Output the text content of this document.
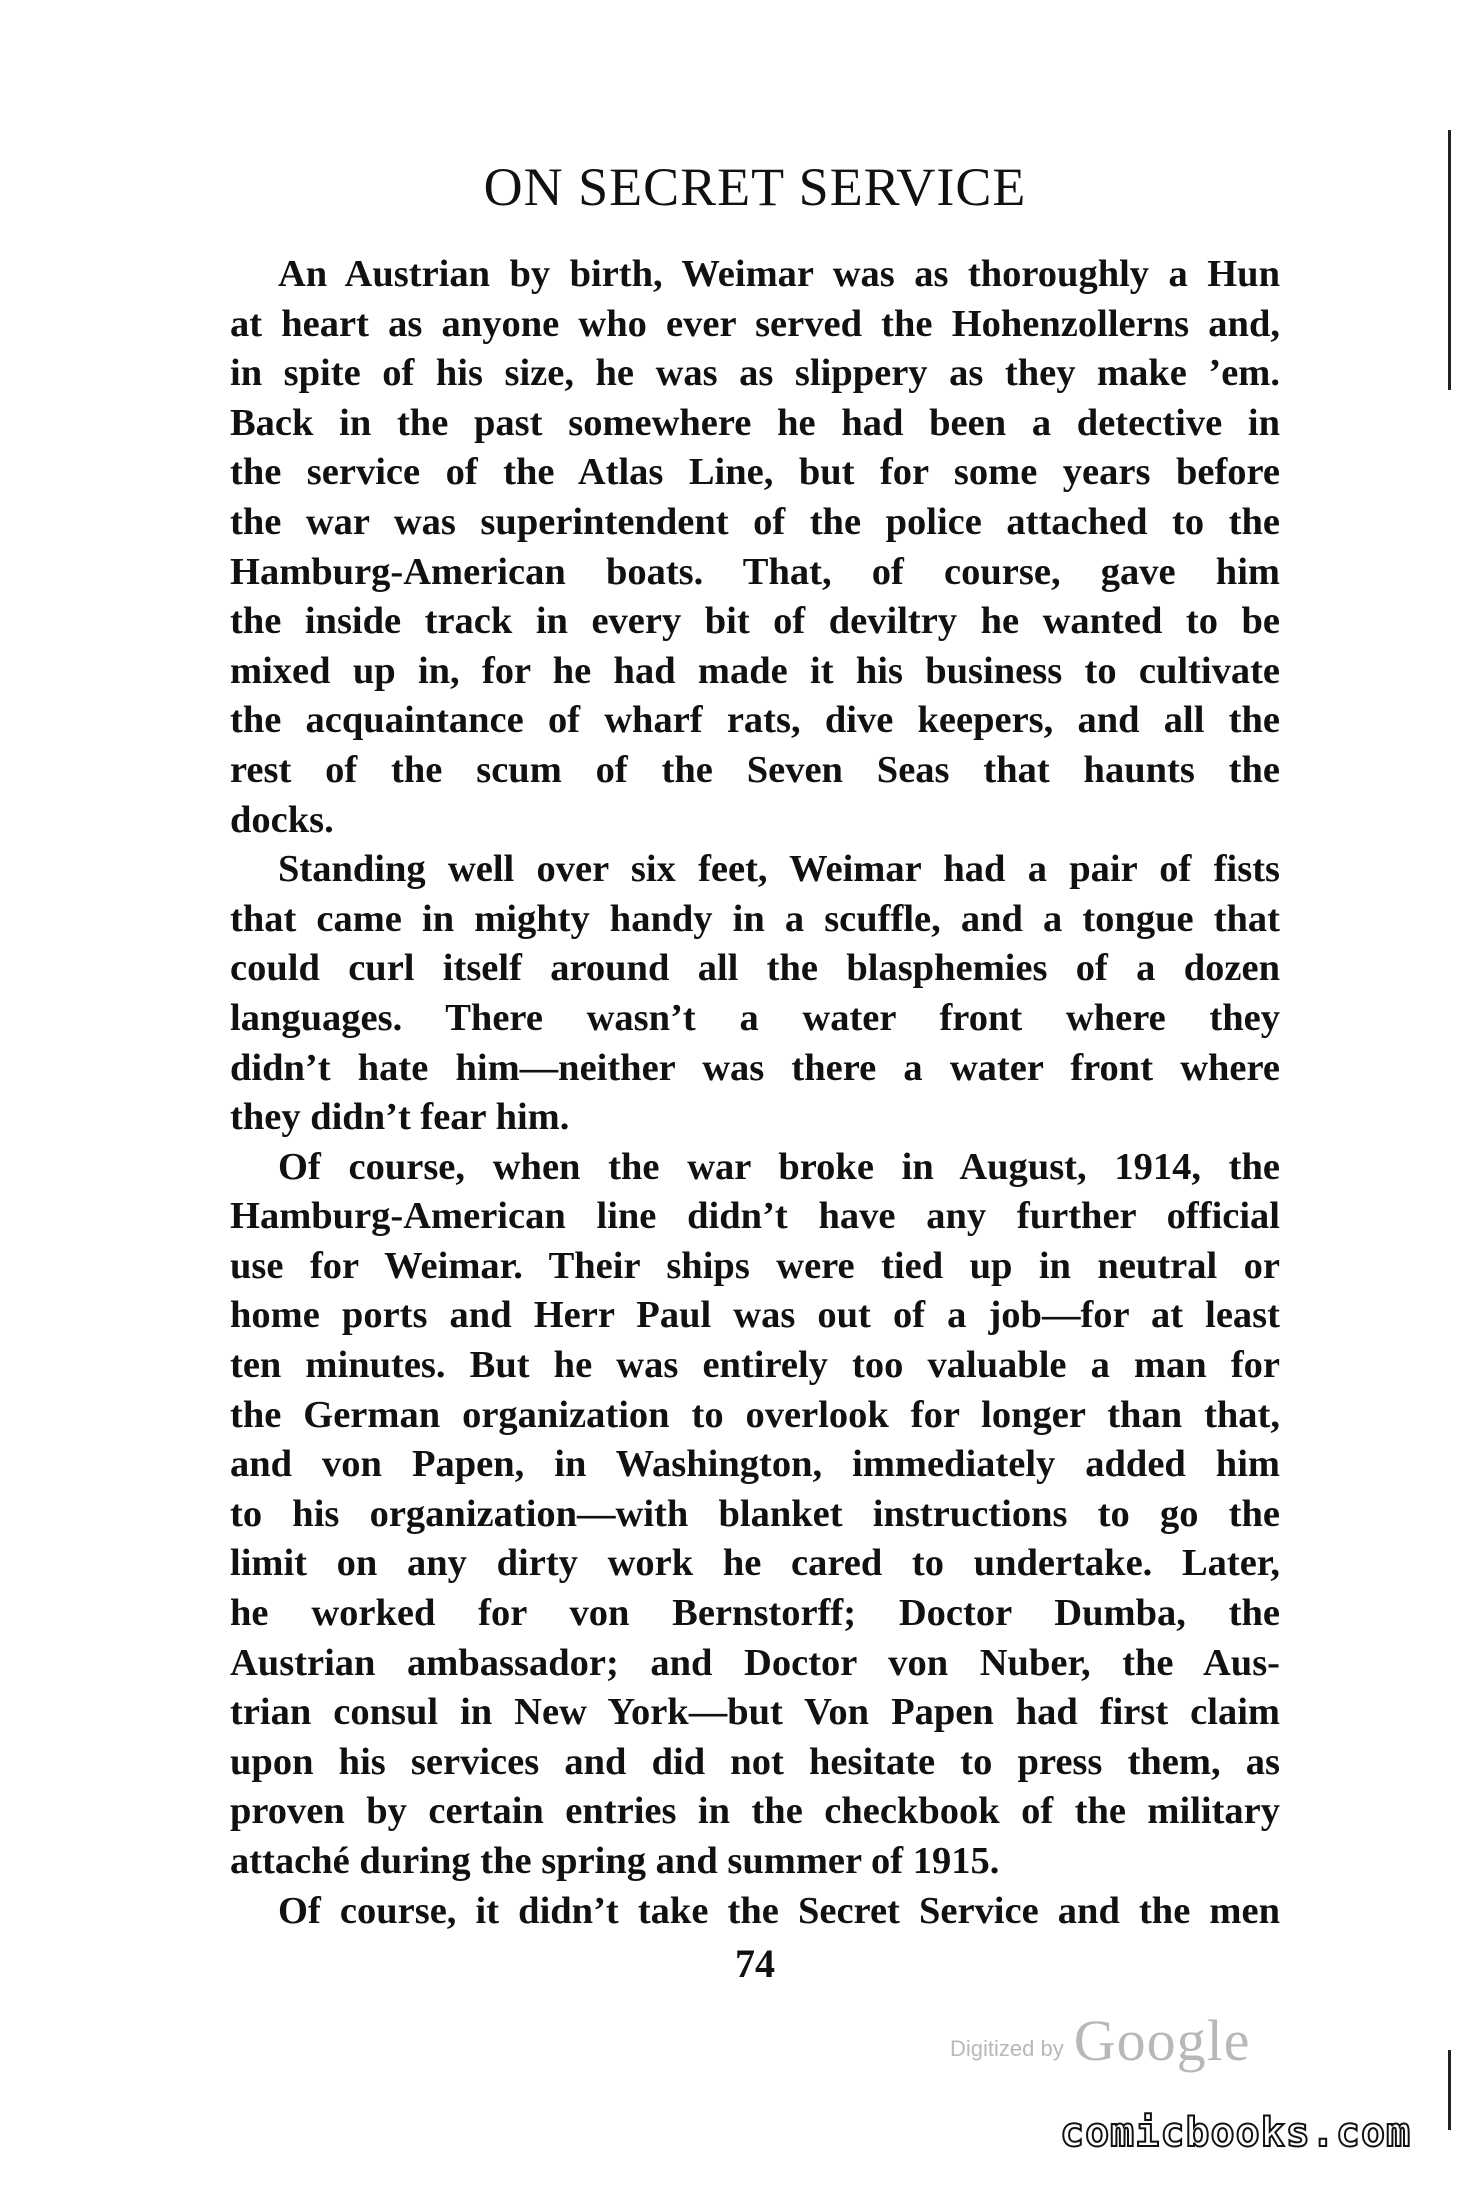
ON SECRET SERVICE

An Austrian by birth, Weimar was as thoroughly a Hun
at heart as anyone who ever served the Hohenzollerns and,
in spite of his size, he was as slippery as they make ’em.
Back in the past somewhere he had been a detective in
the service of the Atlas Line, but for some years before
the war was superintendent of the police attached to the
Hamburg-American boats. That, of course, gave him
the inside track in every bit of deviltry he wanted to be
mixed up in, for he had made it his business to cultivate
the acquaintance of wharf rats, dive keepers, and all the
rest of the scum of the Seven Seas that haunts the
docks.

Standing well over six feet, Weimar had a pair of fists
that came in mighty handy in a scuffle, and a tongue that
could curl itself around all the blasphemies of a dozen
languages. There wasn’t a water front where they
didn’t hate him—neither was there a water front where
they didn’t fear him.

Of course, when the war broke in August, 1914, the
Hamburg-American line didn’t have any further official
use for Weimar. Their ships were tied up in neutral or
home ports and Herr Paul was out of a job—for at least
ten minutes. But he was entirely too valuable a man for
the German organization to overlook for longer than that,
and von Papen, in Washington, immediately added him
to his organization—with blanket instructions to go the
limit on any dirty work he cared to undertake. Later,
he worked for von Bernstorff; Doctor Dumba, the
Austrian ambassador; and Doctor von Nuber, the Aus-
trian consul in New York—but Von Papen had first claim
upon his services and did not hesitate to press them, as
proven by certain entries in the checkbook of the military
attaché during the spring and summer of 1915.

Of course, it didn’t take the Secret Service and the men

74
Digitized by Google
comicbooks.com
